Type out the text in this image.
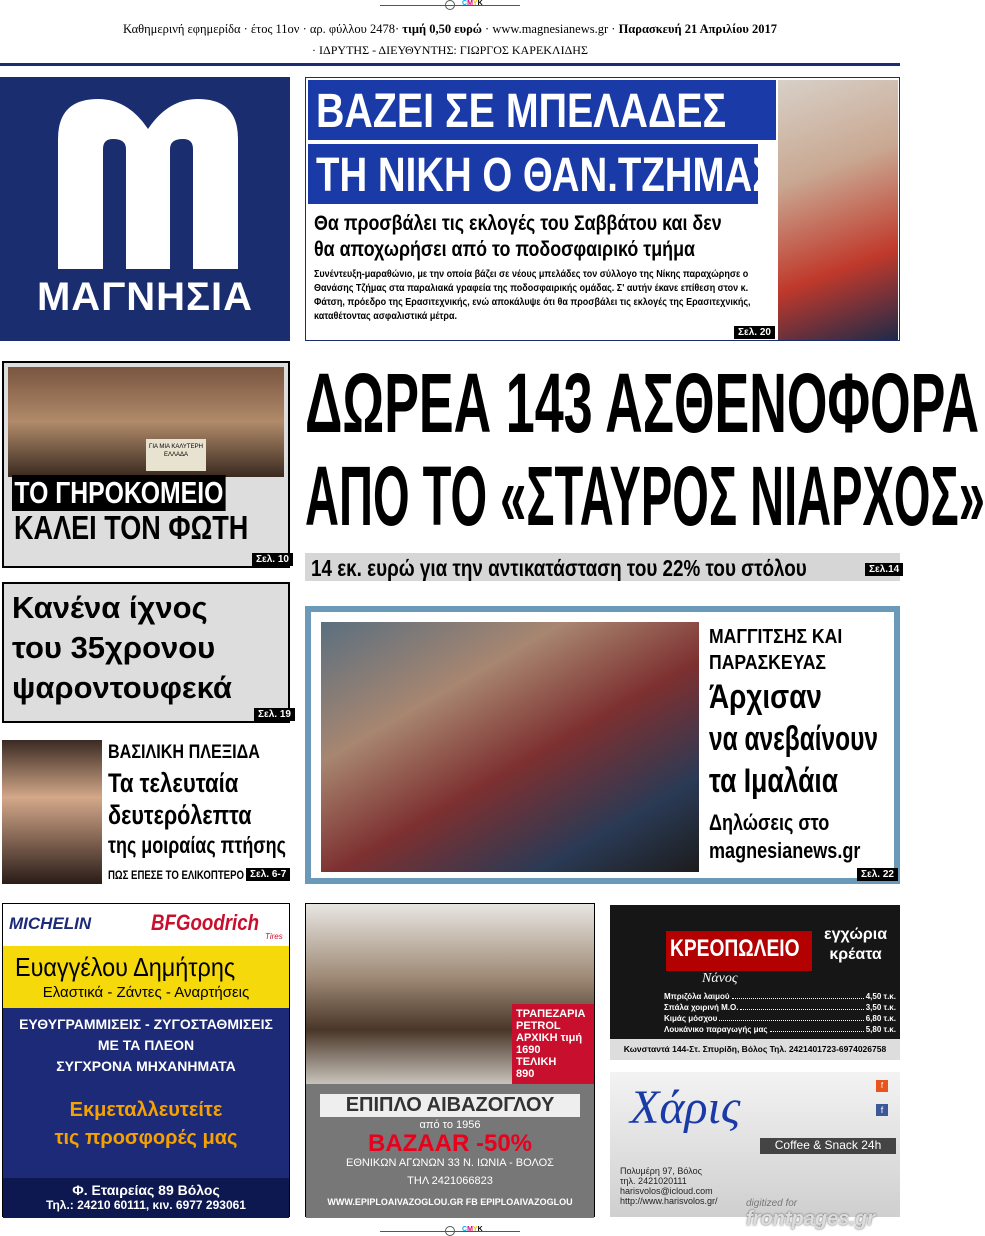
CMYK
Καθημερινή εφημερίδα · έτος 11ον · αρ. φύλλου 2478· τιμή 0,50 ευρώ · www.magnesianews.gr · Παρασκευή 21 Απριλίου 2017
· ΙΔΡΥΤΗΣ - ΔΙΕΥΘΥΝΤΗΣ: ΓΙΩΡΓΟΣ ΚΑΡΕΚΛΙΔΗΣ
ΜΑΓΝΗΣΙΑ
ΒΑΖΕΙ ΣΕ ΜΠΕΛΑΔΕΣ
ΤΗ ΝΙΚΗ Ο ΘΑΝ.ΤΖΗΜΑΣ
Θα προσβάλει τις εκλογές του Σαββάτου και δεν
θα αποχωρήσει από το ποδοσφαιρικό τμήμα
Συνέντευξη-μαραθώνιο, με την οποία βάζει σε νέους μπελάδες τον σύλλογο της Νίκης παραχώρησε ο
Θανάσης Τζήμας στα παραλιακά γραφεία της ποδοσφαιρικής ομάδας. Σ' αυτήν έκανε επίθεση στον κ.
Φάτση, πρόεδρο της Ερασιτεχνικής, ενώ αποκάλυψε ότι θα προσβάλει τις εκλογές της Ερασιτεχνικής,
καταθέτοντας ασφαλιστικά μέτρα.
Σελ. 20
ΓΙΑ ΜΙΑ ΚΑΛΥΤΕΡΗ ΕΛΛΑΔΑ
ΤΟ ΓΗΡΟΚΟΜΕΙΟ
ΚΑΛΕΙ ΤΟΝ ΦΩΤΗ
Σελ. 10
ΔΩΡΕΑ 143 ΑΣΘΕΝΟΦΟΡΑ
ΑΠΟ ΤΟ «ΣΤΑΥΡΟΣ ΝΙΑΡΧΟΣ»
14 εκ. ευρώ για την αντικατάσταση του 22% του στόλου	Σελ.14
Κανένα ίχνος
του 35χρονου
ψαροντουφεκά
Σελ. 19
ΜΑΓΓΙΤΣΗΣ ΚΑΙ
ΠΑΡΑΣΚΕΥΑΣ
Άρχισαν
να ανεβαίνουν
τα Ιμαλάια
Δηλώσεις στο
magnesianews.gr
Σελ. 22
ΒΑΣΙΛΙΚΗ ΠΛΕΞΙΔΑ
Τα τελευταία
δευτερόλεπτα
της μοιραίας πτήσης
ΠΩΣ ΕΠΕΣΕ ΤΟ ΕΛΙΚΟΠΤΕΡΟ Σελ. 6-7
MICHELIN	BFGoodrich
Tires
Ευαγγέλου Δημήτρης
Ελαστικά - Ζάντες - Αναρτήσεις
ΕΥΘΥΓΡΑΜΜΙΣΕΙΣ - ΖΥΓΟΣΤΑΘΜΙΣΕΙΣ
ΜΕ ΤΑ ΠΛΕΟΝ
ΣΥΓΧΡΟΝΑ ΜΗΧΑΝΗΜΑΤΑ
Εκμεταλλευτείτε
τις προσφορές μας
Φ. Εταιρείας 89 Βόλος
Τηλ.: 24210 60111, κιν. 6977 293061
ΤΡΑΠΕΖΑΡΙΑ
PETROL
ΑΡΧΙΚΗ τιμή
1690
ΤΕΛΙΚΗ
890
ΕΠΙΠΛΟ ΑΙΒΑΖΟΓΛΟΥ
από το 1956
BAZAAR -50%
ΕΘΝΙΚΩΝ ΑΓΩΝΩΝ 33 Ν. ΙΩΝΙΑ - ΒΟΛΟΣ
ΤΗΛ 2421066823
WWW.EPIPLOAIVAZOGLOU.GR FB EPIPLOAIVAZOGLOU
ΚΡΕΟΠΩΛΕΙΟ
Νάνος
εγχώρια
κρέατα
Μπριζόλα λαιμού	4,50 τ.κ.
Σπάλα χοιρινή Μ.Ο.	3,50 τ.κ.
Κιμάς μόσχου	6,80 τ.κ.
Λουκάνικο παραγωγής μας	5,80 τ.κ.
Κωνσταντά 144-Στ. Σπυρίδη, Βόλος Τηλ. 2421401723-6974026758
Χάρις
Coffee & Snack 24h
f
f
Πολυμέρη 97, Βόλος
τηλ. 2421020111
harisvolos@icloud.com
http://www.harisvolos.gr/	digitized for
frontpages.gr
CMYK
